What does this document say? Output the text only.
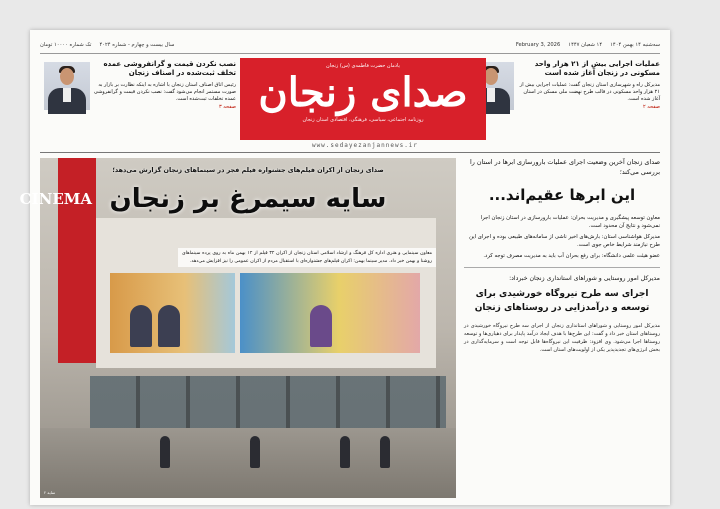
سه‌شنبه ۱۴ بهمن ۱۴۰۴
۱۴ شعبان ۱۴۴۷
February 3, 2026
سال بیست و چهارم - شماره ۴۰۲۴
تک شماره ۱۰۰۰۰ تومان
عملیات اجرایی بیش از ۲۱ هزار واحد مسکونی در زنجان آغاز شده است

مدیرکل راه و شهرسازی استان زنجان گفت: عملیات اجرایی بیش از ۲۱ هزار واحد مسکونی در قالب طرح نهضت ملی مسکن در استان آغاز شده است.

صفحه ۲
یادمان حضرت فاطمه‌ی (س) زنجان
صدای زنجان
روزنامه اجتماعی، سیاسی، فرهنگی، اقتصادی استان زنجان
www.sedayezanjannews.ir
نصب نکردن قیمت و گرانفروشی عمده تخلف ثبت‌شده در اصناف زنجان

رئیس اتاق اصناف استان زنجان با اشاره به اینکه نظارت بر بازار به صورت مستمر انجام می‌شود گفت: نصب نکردن قیمت و گرانفروشی عمده تخلفات ثبت‌شده است.

صفحه ۳
صدای زنجان آخرین وضعیت اجرای عملیات بارورسازی ابرها در استان را بررسی می‌کند؛
این ابرها عقیم‌اند...
معاون توسعه پیشگیری و مدیریت بحران: عملیات بارورسازی در استان زنجان اجرا نمی‌شود و نتایج آن محدود است.
مدیرکل هواشناسی استان: بارش‌های اخیر ناشی از سامانه‌های طبیعی بوده و اجرای این طرح نیازمند شرایط خاص جوی است.
عضو هیئت علمی دانشگاه: برای رفع بحران آب باید به مدیریت مصرف توجه کرد.
مدیرکل امور روستایی و شوراهای استانداری زنجان خبرداد:
اجرای سه طرح نیروگاه خورشیدی برای توسعه و درآمدزایی در روستاهای زنجان
مدیرکل امور روستایی و شوراهای استانداری زنجان از اجرای سه طرح نیروگاه خورشیدی در روستاهای استان خبر داد و گفت: این طرح‌ها با هدف ایجاد درآمد پایدار برای دهیاری‌ها و توسعه روستاها اجرا می‌شود. وی افزود: ظرفیت این نیروگاه‌ها قابل توجه است و سرمایه‌گذاری در بخش انرژی‌های تجدیدپذیر یکی از اولویت‌های استان است.
CINEMA
صدای زنجان از اکران فیلم‌های جشنواره فیلم فجر در سینماهای زنجان گزارش می‌دهد؛
سایه سیمرغ بر زنجان
معاون سینمایی و هنری اداره کل فرهنگ و ارشاد اسلامی استان زنجان از اکران ۳۲ فیلم از ۱۲ بهمن ماه به روی پرده سینماهای روشنا و بهمن خبر داد. مدیر سینما بهمن: اکران فیلم‌های جشنواره‌ای با استقبال مردم از اکران عمومی را نیز افزایش می‌دهد.
سایه ۲
